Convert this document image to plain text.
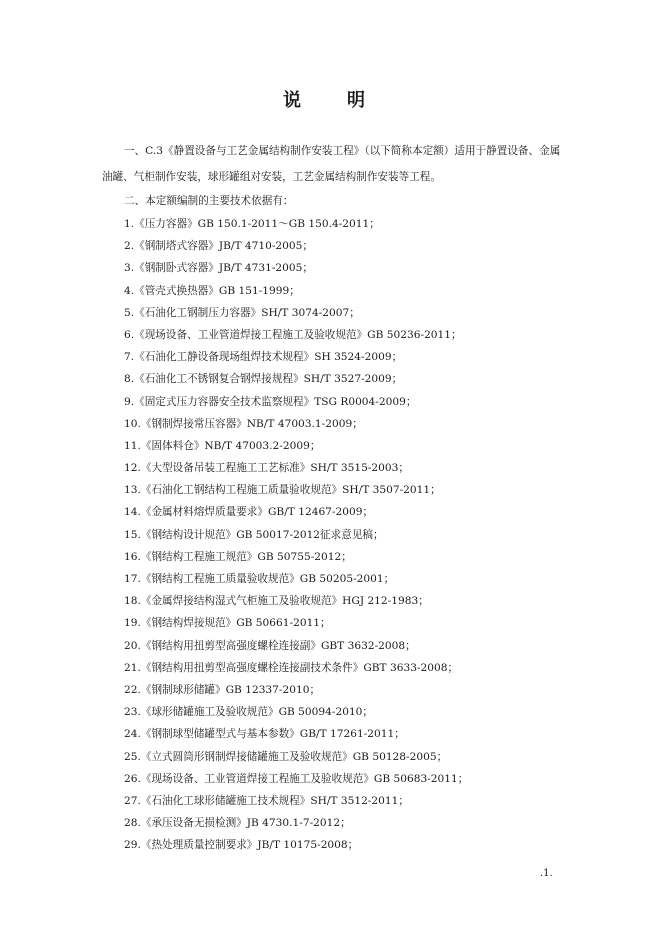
说　明

一、C.3《静置设备与工艺金属结构制作安装工程》（以下简称本定额）适用于静置设备、金属油罐、气柜制作安装，球形罐组对安装，工艺金属结构制作安装等工程。

二、本定额编制的主要技术依据有：

1.《压力容器》GB 150.1-2011～GB 150.4-2011；
2.《钢制塔式容器》JB/T 4710-2005；
3.《钢制卧式容器》JB/T 4731-2005；
4.《管壳式换热器》GB 151-1999；
5.《石油化工钢制压力容器》SH/T 3074-2007；
6.《现场设备、工业管道焊接工程施工及验收规范》GB 50236-2011；
7.《石油化工静设备现场组焊技术规程》SH 3524-2009；
8.《石油化工不锈钢复合钢焊接规程》SH/T 3527-2009；
9.《固定式压力容器安全技术监察规程》TSG R0004-2009；
10.《钢制焊接常压容器》NB/T 47003.1-2009；
11.《固体料仓》NB/T 47003.2-2009；
12.《大型设备吊装工程施工工艺标准》SH/T 3515-2003；
13.《石油化工钢结构工程施工质量验收规范》SH/T 3507-2011；
14.《金属材料熔焊质量要求》GB/T 12467-2009；
15.《钢结构设计规范》GB 50017-2012征求意见稿；
16.《钢结构工程施工规范》GB 50755-2012；
17.《钢结构工程施工质量验收规范》GB 50205-2001；
18.《金属焊接结构湿式气柜施工及验收规范》HGJ 212-1983；
19.《钢结构焊接规范》GB 50661-2011；
20.《钢结构用扭剪型高强度螺栓连接副》GBT 3632-2008；
21.《钢结构用扭剪型高强度螺栓连接副技术条件》GBT 3633-2008；
22.《钢制球形储罐》GB 12337-2010；
23.《球形储罐施工及验收规范》GB 50094-2010；
24.《钢制球型储罐型式与基本参数》GB/T 17261-2011；
25.《立式圆筒形钢制焊接储罐施工及验收规范》GB 50128-2005；
26.《现场设备、工业管道焊接工程施工及验收规范》GB 50683-2011；
27.《石油化工球形储罐施工技术规程》SH/T 3512-2011；
28.《承压设备无损检测》JB 4730.1-7-2012；
29.《热处理质量控制要求》JB/T 10175-2008；
.1.
